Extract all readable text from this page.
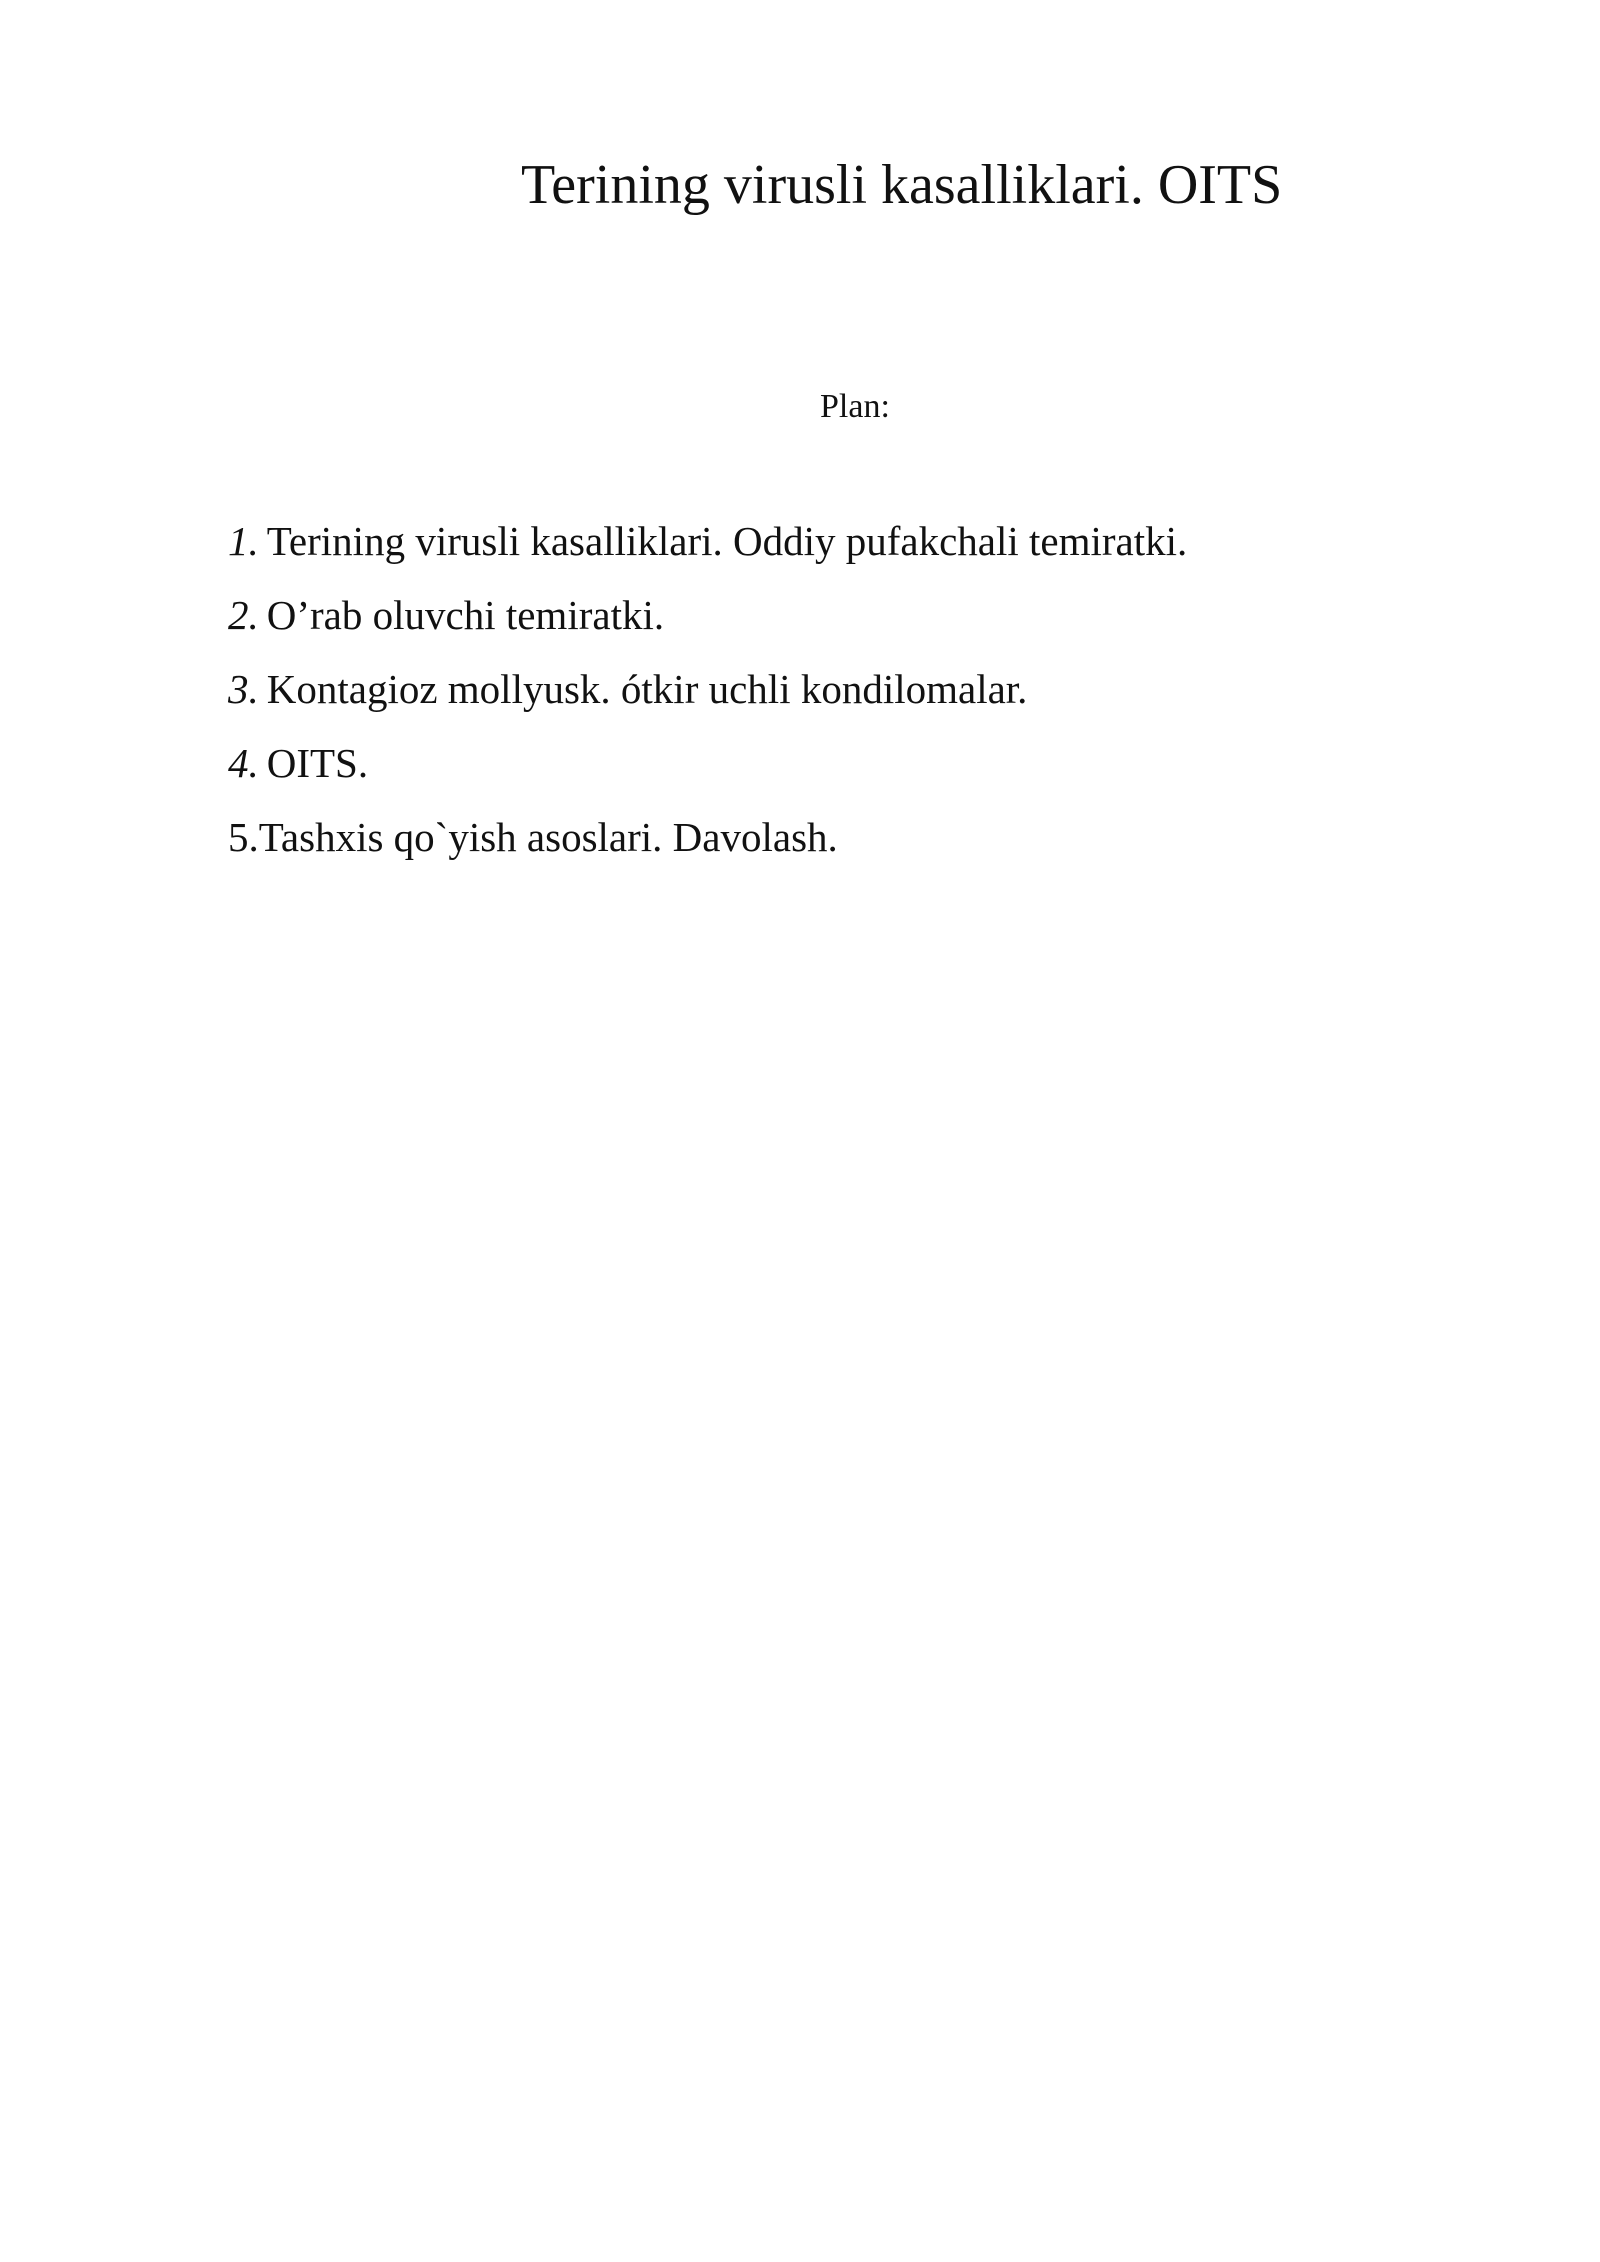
Terining virusli kasalliklari. OITS
Plan:
1. Terining virusli kasalliklari. Oddiy pufakchali temiratki.
2. O’rab oluvchi temiratki.
3. Kontagioz mollyusk. ótkir uchli kondilomalar.
4. OITS.
5.Tashxis qo`yish asoslari. Davolash.
